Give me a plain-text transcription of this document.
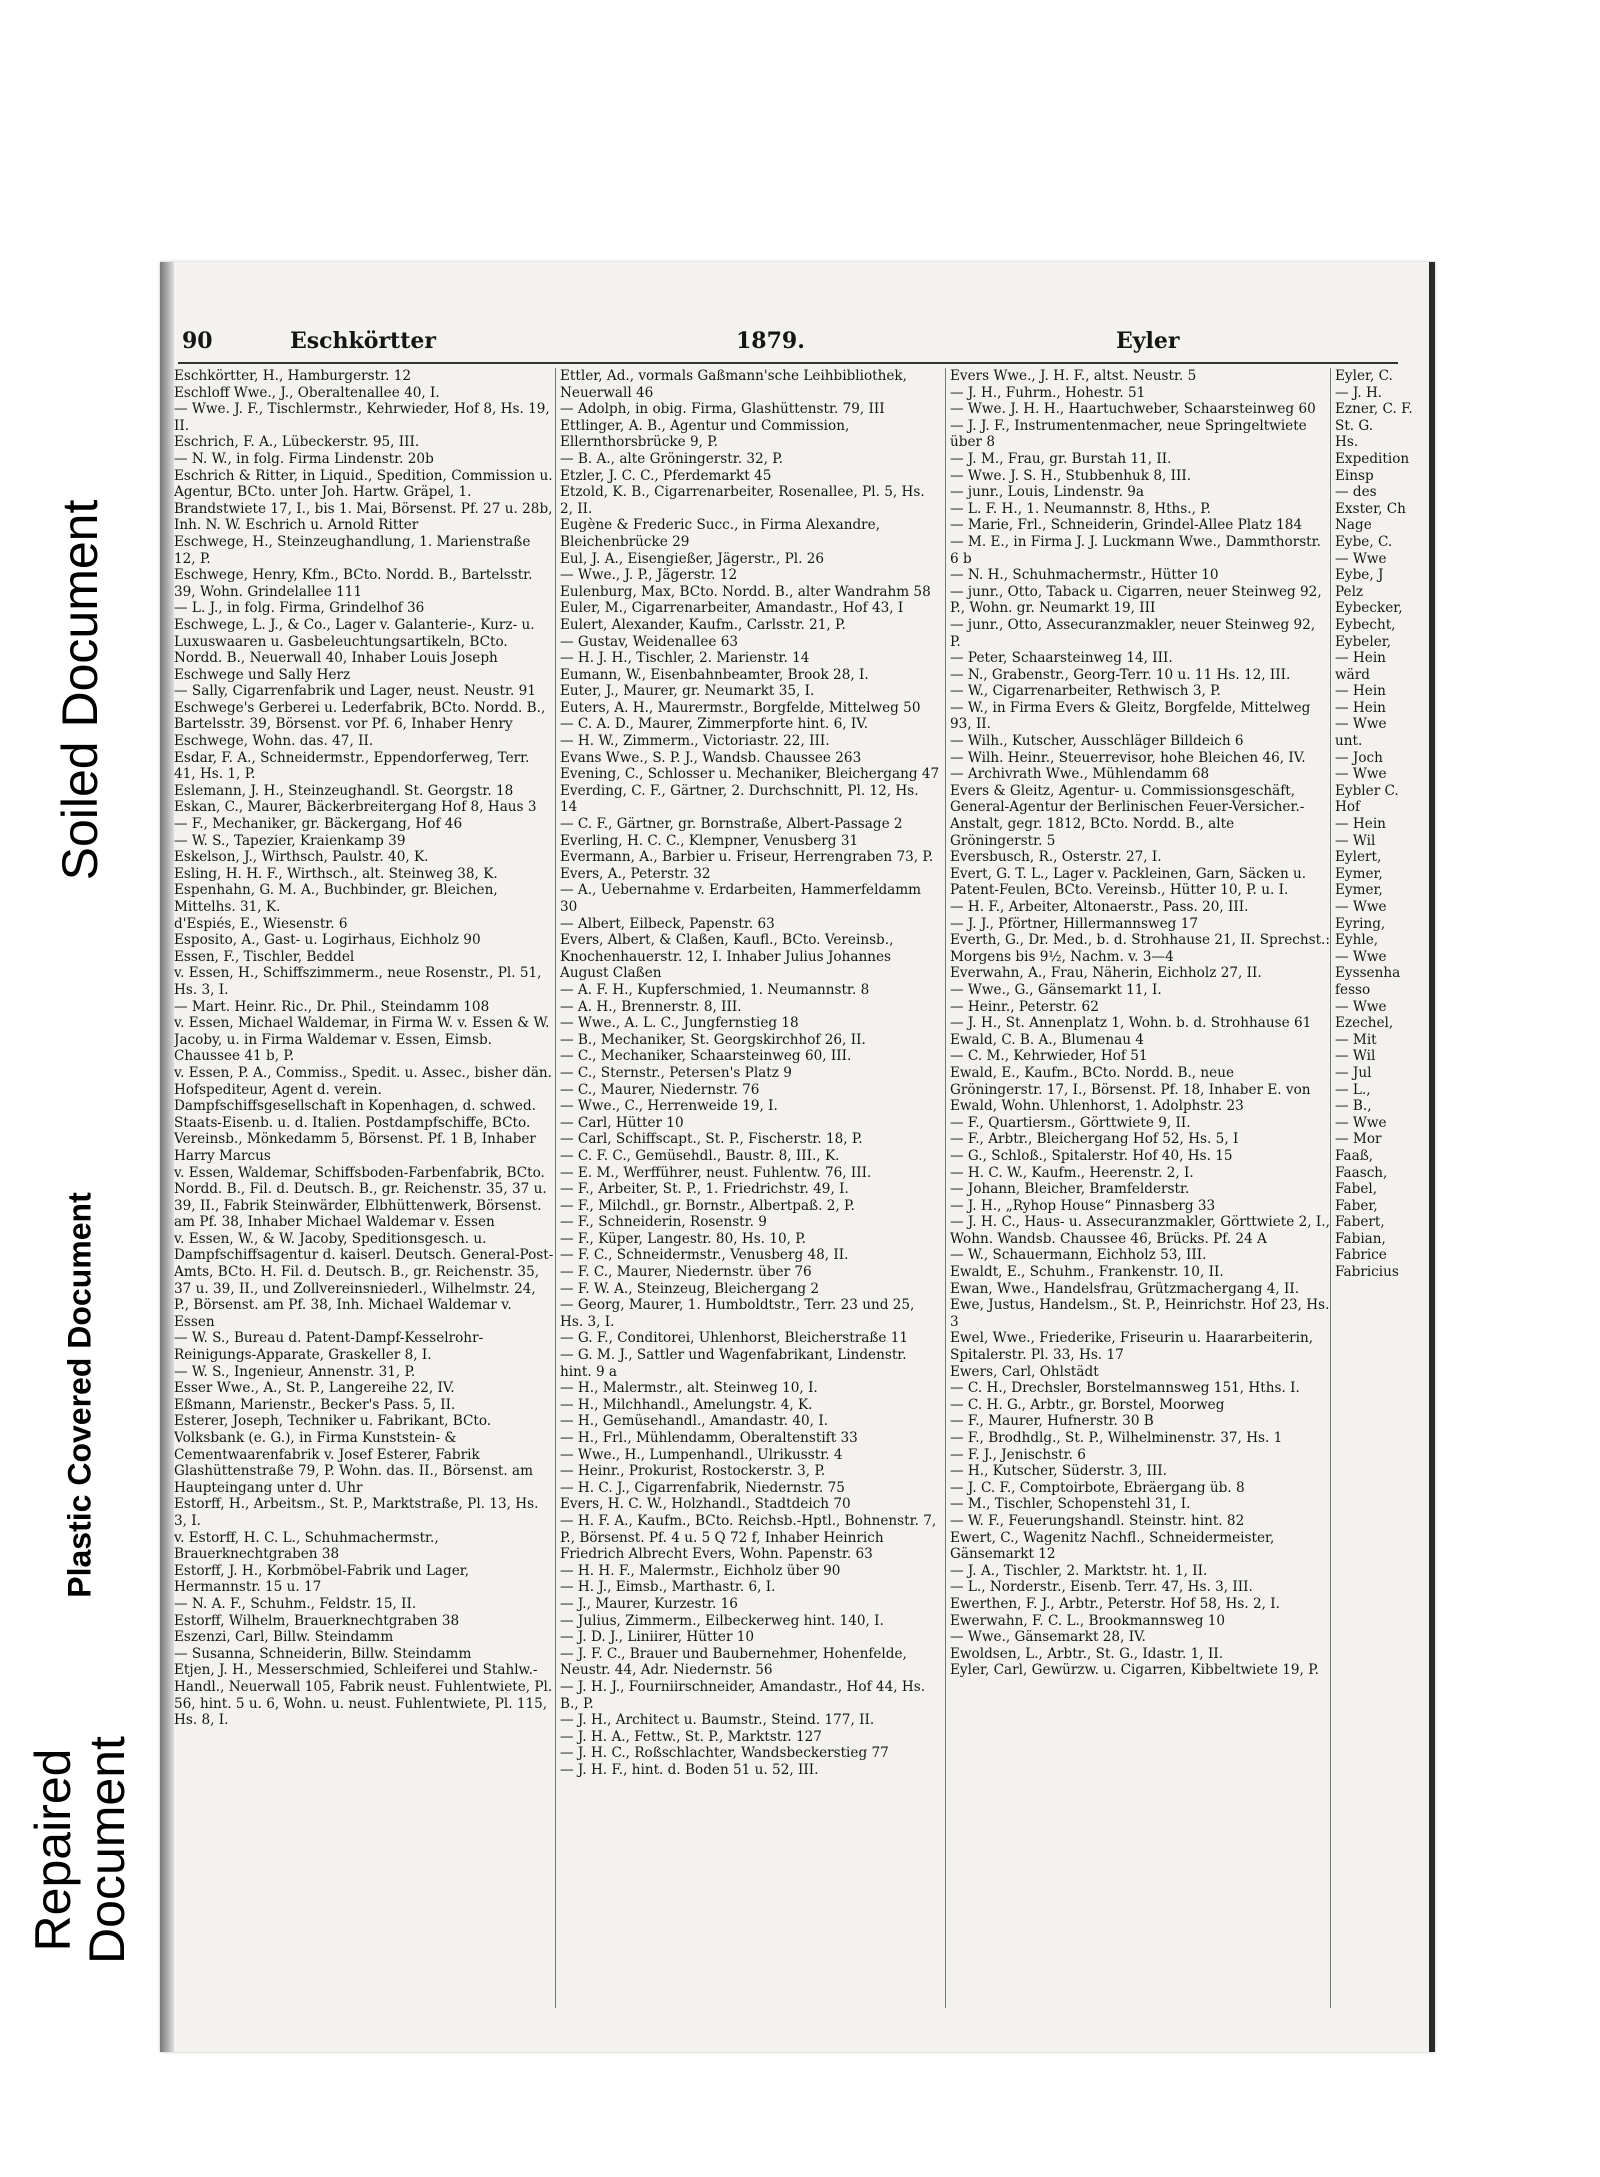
Soiled Document
Plastic Covered Document
Repaired
Document
90	Eschkörtter	1879.	Eyler

Eschkörtter, H., Hamburgerstr. 12

Eschloff Wwe., J., Oberaltenallee 40, I.

— Wwe. J. F., Tischlermstr., Kehrwieder, Hof 8, Hs. 19, II.

Eschrich, F. A., Lübeckerstr. 95, III.

— N. W., in folg. Firma Lindenstr. 20b

Eschrich & Ritter, in Liquid., Spedition, Commission u. Agentur, BCto. unter Joh. Hartw. Gräpel, 1. Brandstwiete 17, I., bis 1. Mai, Börsenst. Pf. 27 u. 28b, Inh. N. W. Eschrich u. Arnold Ritter

Eschwege, H., Steinzeughandlung, 1. Marienstraße 12, P.

Eschwege, Henry, Kfm., BCto. Nordd. B., Bartelsstr. 39, Wohn. Grindelallee 111

— L. J., in folg. Firma, Grindelhof 36

Eschwege, L. J., & Co., Lager v. Galanterie-, Kurz- u. Luxuswaaren u. Gasbeleuchtungsartikeln, BCto. Nordd. B., Neuerwall 40, Inhaber Louis Joseph Eschwege und Sally Herz

— Sally, Cigarrenfabrik und Lager, neust. Neustr. 91

Eschwege's Gerberei u. Lederfabrik, BCto. Nordd. B., Bartelsstr. 39, Börsenst. vor Pf. 6, Inhaber Henry Eschwege, Wohn. das. 47, II.

Esdar, F. A., Schneidermstr., Eppendorferweg, Terr. 41, Hs. 1, P.

Eslemann, J. H., Steinzeughandl. St. Georgstr. 18

Eskan, C., Maurer, Bäckerbreitergang Hof 8, Haus 3

— F., Mechaniker, gr. Bäckergang, Hof 46

— W. S., Tapezier, Kraienkamp 39

Eskelson, J., Wirthsch, Paulstr. 40, K.

Esling, H. H. F., Wirthsch., alt. Steinweg 38, K.

Espenhahn, G. M. A., Buchbinder, gr. Bleichen, Mittelhs. 31, K.

d'Espiés, E., Wiesenstr. 6

Esposito, A., Gast- u. Logirhaus, Eichholz 90

Essen, F., Tischler, Beddel

v. Essen, H., Schiffszimmerm., neue Rosenstr., Pl. 51, Hs. 3, I.

— Mart. Heinr. Ric., Dr. Phil., Steindamm 108

v. Essen, Michael Waldemar, in Firma W. v. Essen & W. Jacoby, u. in Firma Waldemar v. Essen, Eimsb. Chaussee 41 b, P.

v. Essen, P. A., Commiss., Spedit. u. Assec., bisher dän. Hofspediteur, Agent d. verein. Dampfschiffsgesellschaft in Kopenhagen, d. schwed. Staats-Eisenb. u. d. Italien. Postdampfschiffe, BCto. Vereinsb., Mönkedamm 5, Börsenst. Pf. 1 B, Inhaber Harry Marcus

v. Essen, Waldemar, Schiffsboden-Farbenfabrik, BCto. Nordd. B., Fil. d. Deutsch. B., gr. Reichenstr. 35, 37 u. 39, II., Fabrik Steinwärder, Elbhüttenwerk, Börsenst. am Pf. 38, Inhaber Michael Waldemar v. Essen

v. Essen, W., & W. Jacoby, Speditionsgesch. u. Dampfschiffsagentur d. kaiserl. Deutsch. General-Post-Amts, BCto. H. Fil. d. Deutsch. B., gr. Reichenstr. 35, 37 u. 39, II., und Zollvereinsniederl., Wilhelmstr. 24, P., Börsenst. am Pf. 38, Inh. Michael Waldemar v. Essen

— W. S., Bureau d. Patent-Dampf-Kesselrohr-Reinigungs-Apparate, Graskeller 8, I.

— W. S., Ingenieur, Annenstr. 31, P.

Esser Wwe., A., St. P., Langereihe 22, IV.

Eßmann, Marienstr., Becker's Pass. 5, II.

Esterer, Joseph, Techniker u. Fabrikant, BCto. Volksbank (e. G.), in Firma Kunststein- & Cementwaarenfabrik v. Josef Esterer, Fabrik Glashüttenstraße 79, P. Wohn. das. II., Börsenst. am Haupteingang unter d. Uhr

Estorff, H., Arbeitsm., St. P., Marktstraße, Pl. 13, Hs. 3, I.

v. Estorff, H. C. L., Schuhmachermstr., Brauerknechtgraben 38

Estorff, J. H., Korbmöbel-Fabrik und Lager, Hermannstr. 15 u. 17

— N. A. F., Schuhm., Feldstr. 15, II.

Estorff, Wilhelm, Brauerknechtgraben 38

Eszenzi, Carl, Billw. Steindamm

— Susanna, Schneiderin, Billw. Steindamm

Etjen, J. H., Messerschmied, Schleiferei und Stahlw.-Handl., Neuerwall 105, Fabrik neust. Fuhlentwiete, Pl. 56, hint. 5 u. 6, Wohn. u. neust. Fuhlentwiete, Pl. 115, Hs. 8, I.

Ettler, Ad., vormals Gaßmann'sche Leihbibliothek, Neuerwall 46

— Adolph, in obig. Firma, Glashüttenstr. 79, III

Ettlinger, A. B., Agentur und Commission, Ellernthorsbrücke 9, P.

— B. A., alte Gröningerstr. 32, P.

Etzler, J. C. C., Pferdemarkt 45

Etzold, K. B., Cigarrenarbeiter, Rosenallee, Pl. 5, Hs. 2, II.

Eugène & Frederic Succ., in Firma Alexandre, Bleichenbrücke 29

Eul, J. A., Eisengießer, Jägerstr., Pl. 26

— Wwe., J. P., Jägerstr. 12

Eulenburg, Max, BCto. Nordd. B., alter Wandrahm 58

Euler, M., Cigarrenarbeiter, Amandastr., Hof 43, I

Eulert, Alexander, Kaufm., Carlsstr. 21, P.

— Gustav, Weidenallee 63

— H. J. H., Tischler, 2. Marienstr. 14

Eumann, W., Eisenbahnbeamter, Brook 28, I.

Euter, J., Maurer, gr. Neumarkt 35, I.

Euters, A. H., Maurermstr., Borgfelde, Mittelweg 50

— C. A. D., Maurer, Zimmerpforte hint. 6, IV.

— H. W., Zimmerm., Victoriastr. 22, III.

Evans Wwe., S. P. J., Wandsb. Chaussee 263

Evening, C., Schlosser u. Mechaniker, Bleichergang 47

Everding, C. F., Gärtner, 2. Durchschnitt, Pl. 12, Hs. 14

— C. F., Gärtner, gr. Bornstraße, Albert-Passage 2

Everling, H. C. C., Klempner, Venusberg 31

Evermann, A., Barbier u. Friseur, Herrengraben 73, P.

Evers, A., Peterstr. 32

— A., Uebernahme v. Erdarbeiten, Hammerfeldamm 30

— Albert, Eilbeck, Papenstr. 63

Evers, Albert, & Claßen, Kaufl., BCto. Vereinsb., Knochenhauerstr. 12, I. Inhaber Julius Johannes August Claßen

— A. F. H., Kupferschmied, 1. Neumannstr. 8

— A. H., Brennerstr. 8, III.

— Wwe., A. L. C., Jungfernstieg 18

— B., Mechaniker, St. Georgskirchhof 26, II.

— C., Mechaniker, Schaarsteinweg 60, III.

— C., Sternstr., Petersen's Platz 9

— C., Maurer, Niedernstr. 76

— Wwe., C., Herrenweide 19, I.

— Carl, Hütter 10

— Carl, Schiffscapt., St. P., Fischerstr. 18, P.

— C. F. C., Gemüsehdl., Baustr. 8, III., K.

— E. M., Werfführer, neust. Fuhlentw. 76, III.

— F., Arbeiter, St. P., 1. Friedrichstr. 49, I.

— F., Milchdl., gr. Bornstr., Albertpaß. 2, P.

— F., Schneiderin, Rosenstr. 9

— F., Küper, Langestr. 80, Hs. 10, P.

— F. C., Schneidermstr., Venusberg 48, II.

— F. C., Maurer, Niedernstr. über 76

— F. W. A., Steinzeug, Bleichergang 2

— Georg, Maurer, 1. Humboldtstr., Terr. 23 und 25, Hs. 3, I.

— G. F., Conditorei, Uhlenhorst, Bleicherstraße 11

— G. M. J., Sattler und Wagenfabrikant, Lindenstr. hint. 9 a

— H., Malermstr., alt. Steinweg 10, I.

— H., Milchhandl., Amelungstr. 4, K.

— H., Gemüsehandl., Amandastr. 40, I.

— H., Frl., Mühlendamm, Oberaltenstift 33

— Wwe., H., Lumpenhandl., Ulrikusstr. 4

— Heinr., Prokurist, Rostockerstr. 3, P.

— H. C. J., Cigarrenfabrik, Niedernstr. 75

Evers, H. C. W., Holzhandl., Stadtdeich 70

— H. F. A., Kaufm., BCto. Reichsb.-Hptl., Bohnenstr. 7, P., Börsenst. Pf. 4 u. 5 Q 72 f, Inhaber Heinrich Friedrich Albrecht Evers, Wohn. Papenstr. 63

— H. H. F., Malermstr., Eichholz über 90

— H. J., Eimsb., Marthastr. 6, I.

— J., Maurer, Kurzestr. 16

— Julius, Zimmerm., Eilbeckerweg hint. 140, I.

— J. D. J., Liniirer, Hütter 10

— J. F. C., Brauer und Baubernehmer, Hohenfelde, Neustr. 44, Adr. Niedernstr. 56

— J. H. J., Fourniirschneider, Amandastr., Hof 44, Hs. B., P.

— J. H., Architect u. Baumstr., Steind. 177, II.

— J. H. A., Fettw., St. P., Marktstr. 127

— J. H. C., Roßschlachter, Wandsbeckerstieg 77

— J. H. F., hint. d. Boden 51 u. 52, III.

Evers Wwe., J. H. F., altst. Neustr. 5

— J. H., Fuhrm., Hohestr. 51

— Wwe. J. H. H., Haartuchweber, Schaarsteinweg 60

— J. J. F., Instrumentenmacher, neue Springeltwiete über 8

— J. M., Frau, gr. Burstah 11, II.

— Wwe. J. S. H., Stubbenhuk 8, III.

— junr., Louis, Lindenstr. 9a

— L. F. H., 1. Neumannstr. 8, Hths., P.

— Marie, Frl., Schneiderin, Grindel-Allee Platz 184

— M. E., in Firma J. J. Luckmann Wwe., Dammthorstr. 6 b

— N. H., Schuhmachermstr., Hütter 10

— junr., Otto, Taback u. Cigarren, neuer Steinweg 92, P., Wohn. gr. Neumarkt 19, III

— junr., Otto, Assecuranzmakler, neuer Steinweg 92, P.

— Peter, Schaarsteinweg 14, III.

— N., Grabenstr., Georg-Terr. 10 u. 11 Hs. 12, III.

— W., Cigarrenarbeiter, Rethwisch 3, P.

— W., in Firma Evers & Gleitz, Borgfelde, Mittelweg 93, II.

— Wilh., Kutscher, Ausschläger Billdeich 6

— Wilh. Heinr., Steuerrevisor, hohe Bleichen 46, IV.

— Archivrath Wwe., Mühlendamm 68

Evers & Gleitz, Agentur- u. Commissionsgeschäft, General-Agentur der Berlinischen Feuer-Versicher.-Anstalt, gegr. 1812, BCto. Nordd. B., alte Gröningerstr. 5

Eversbusch, R., Osterstr. 27, I.

Evert, G. T. L., Lager v. Packleinen, Garn, Säcken u. Patent-Feulen, BCto. Vereinsb., Hütter 10, P. u. I.

— H. F., Arbeiter, Altonaerstr., Pass. 20, III.

— J. J., Pförtner, Hillermannsweg 17

Everth, G., Dr. Med., b. d. Strohhause 21, II. Sprechst.: Morgens bis 9½, Nachm. v. 3—4

Everwahn, A., Frau, Näherin, Eichholz 27, II.

— Wwe., G., Gänsemarkt 11, I.

— Heinr., Peterstr. 62

— J. H., St. Annenplatz 1, Wohn. b. d. Strohhause 61

Ewald, C. B. A., Blumenau 4

— C. M., Kehrwieder, Hof 51

Ewald, E., Kaufm., BCto. Nordd. B., neue Gröningerstr. 17, I., Börsenst. Pf. 18, Inhaber E. von Ewald, Wohn. Uhlenhorst, 1. Adolphstr. 23

— F., Quartiersm., Görttwiete 9, II.

— F., Arbtr., Bleichergang Hof 52, Hs. 5, I

— G., Schloß., Spitalerstr. Hof 40, Hs. 15

— H. C. W., Kaufm., Heerenstr. 2, I.

— Johann, Bleicher, Bramfelderstr.

— J. H., „Ryhop House“ Pinnasberg 33

— J. H. C., Haus- u. Assecuranzmakler, Görttwiete 2, I., Wohn. Wandsb. Chaussee 46, Brücks. Pf. 24 A

— W., Schauermann, Eichholz 53, III.

Ewaldt, E., Schuhm., Frankenstr. 10, II.

Ewan, Wwe., Handelsfrau, Grützmachergang 4, II.

Ewe, Justus, Handelsm., St. P., Heinrichstr. Hof 23, Hs. 3

Ewel, Wwe., Friederike, Friseurin u. Haararbeiterin, Spitalerstr. Pl. 33, Hs. 17

Ewers, Carl, Ohlstädt

— C. H., Drechsler, Borstelmannsweg 151, Hths. I.

— C. H. G., Arbtr., gr. Borstel, Moorweg

— F., Maurer, Hufnerstr. 30 B

— F., Brodhdlg., St. P., Wilhelminenstr. 37, Hs. 1

— F. J., Jenischstr. 6

— H., Kutscher, Süderstr. 3, III.

— J. C. F., Comptoirbote, Ebräergang üb. 8

— M., Tischler, Schopenstehl 31, I.

— W. F., Feuerungshandl. Steinstr. hint. 82

Ewert, C., Wagenitz Nachfl., Schneidermeister, Gänsemarkt 12

— J. A., Tischler, 2. Marktstr. ht. 1, II.

— L., Norderstr., Eisenb. Terr. 47, Hs. 3, III.

Ewerthen, F. J., Arbtr., Peterstr. Hof 58, Hs. 2, I.

Ewerwahn, F. C. L., Brookmannsweg 10

— Wwe., Gänsemarkt 28, IV.

Ewoldsen, L., Arbtr., St. G., Idastr. 1, II.

Eyler, Carl, Gewürzw. u. Cigarren, Kibbeltwiete 19, P.

Eyler, C.

— J. H.

Ezner, C. F.

St. G.

Hs.

Expedition

Einsp

— des

Exster, Ch

Nage

Eybe, C.

— Wwe

Eybe, J

Pelz

Eybecker,

Eybecht,

Eybeler,

— Hein

wärd

— Hein

— Hein

— Wwe

unt.

— Joch

— Wwe

Eybler C.

Hof

— Hein

— Wil

Eylert,

Eymer,

Eymer,

— Wwe

Eyring,

Eyhle,

— Wwe

Eyssenha

fesso

— Wwe

Ezechel,

— Mit

— Wil

— Jul

— L.,

— B.,

— Wwe

— Mor

Faaß,

Faasch,

Fabel,

Faber,

Fabert,

Fabian,

Fabrice

Fabricius
